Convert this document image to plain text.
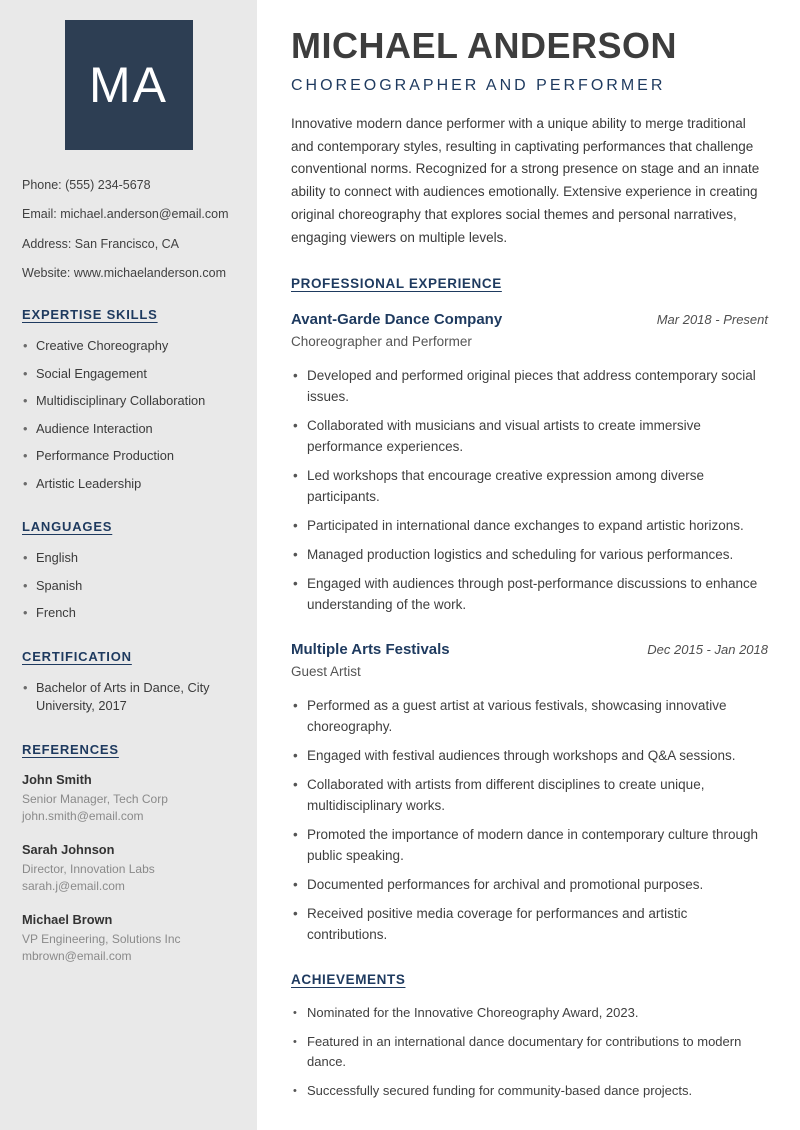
MA
Phone: (555) 234-5678
Email: michael.anderson@email.com
Address: San Francisco, CA
Website: www.michaelanderson.com
EXPERTISE SKILLS
• Creative Choreography
• Social Engagement
• Multidisciplinary Collaboration
• Audience Interaction
• Performance Production
• Artistic Leadership
LANGUAGES
• English
• Spanish
• French
CERTIFICATION
• Bachelor of Arts in Dance, City University, 2017
REFERENCES
John Smith
Senior Manager, Tech Corp
john.smith@email.com
Sarah Johnson
Director, Innovation Labs
sarah.j@email.com
Michael Brown
VP Engineering, Solutions Inc
mbrown@email.com
MICHAEL ANDERSON
CHOREOGRAPHER AND PERFORMER

Innovative modern dance performer with a unique ability to merge traditional and contemporary styles, resulting in captivating performances that challenge conventional norms. Recognized for a strong presence on stage and an innate ability to connect with audiences emotionally. Extensive experience in creating original choreography that explores social themes and personal narratives, engaging viewers on multiple levels.

PROFESSIONAL EXPERIENCE
Avant-Garde Dance Company	Mar 2018 - Present
Choreographer and Performer
• Developed and performed original pieces that address contemporary social issues.
• Collaborated with musicians and visual artists to create immersive performance experiences.
• Led workshops that encourage creative expression among diverse participants.
• Participated in international dance exchanges to expand artistic horizons.
• Managed production logistics and scheduling for various performances.
• Engaged with audiences through post-performance discussions to enhance understanding of the work.
Multiple Arts Festivals	Dec 2015 - Jan 2018
Guest Artist
• Performed as a guest artist at various festivals, showcasing innovative choreography.
• Engaged with festival audiences through workshops and Q&A sessions.
• Collaborated with artists from different disciplines to create unique, multidisciplinary works.
• Promoted the importance of modern dance in contemporary culture through public speaking.
• Documented performances for archival and promotional purposes.
• Received positive media coverage for performances and artistic contributions.
ACHIEVEMENTS
• Nominated for the Innovative Choreography Award, 2023.
• Featured in an international dance documentary for contributions to modern dance.
• Successfully secured funding for community-based dance projects.
